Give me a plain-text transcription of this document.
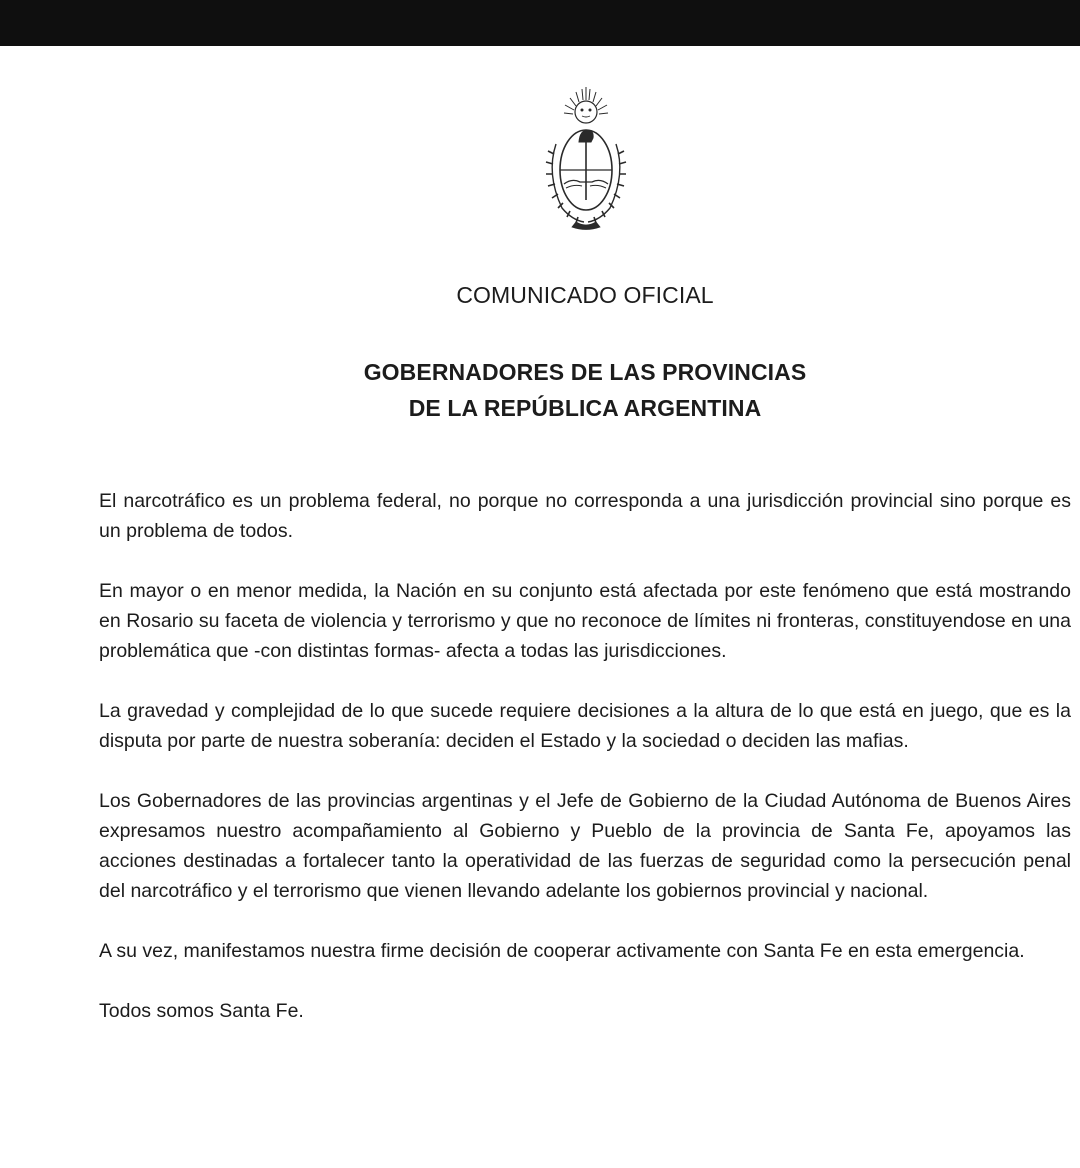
COMUNICADO OFICIAL
GOBERNADORES DE LAS PROVINCIAS
DE LA REPÚBLICA ARGENTINA

El narcotráfico es un problema federal, no porque no corresponda a una jurisdicción provincial sino porque es un problema de todos.

En mayor o en menor medida, la Nación en su conjunto está afectada por este fenómeno que está mostrando en Rosario su faceta de violencia y terrorismo y que no reconoce de límites ni fronteras, constituyendose en una problemática que -con distintas formas- afecta a todas las jurisdicciones.

La gravedad y complejidad de lo que sucede requiere decisiones a la altura de lo que está en juego, que es la disputa por parte de nuestra soberanía: deciden el Estado y la sociedad o deciden las mafias.

Los Gobernadores de las provincias argentinas y el Jefe de Gobierno de la Ciudad Autónoma de Buenos Aires expresamos nuestro acompañamiento al Gobierno y Pueblo de la provincia de Santa Fe, apoyamos las acciones destinadas a fortalecer tanto la operatividad de las fuerzas de seguridad como la persecución penal del narcotráfico y el terrorismo que vienen llevando adelante los gobiernos provincial y nacional.

A su vez, manifestamos nuestra firme decisión de cooperar activamente con Santa Fe en esta emergencia.

Todos somos Santa Fe.
